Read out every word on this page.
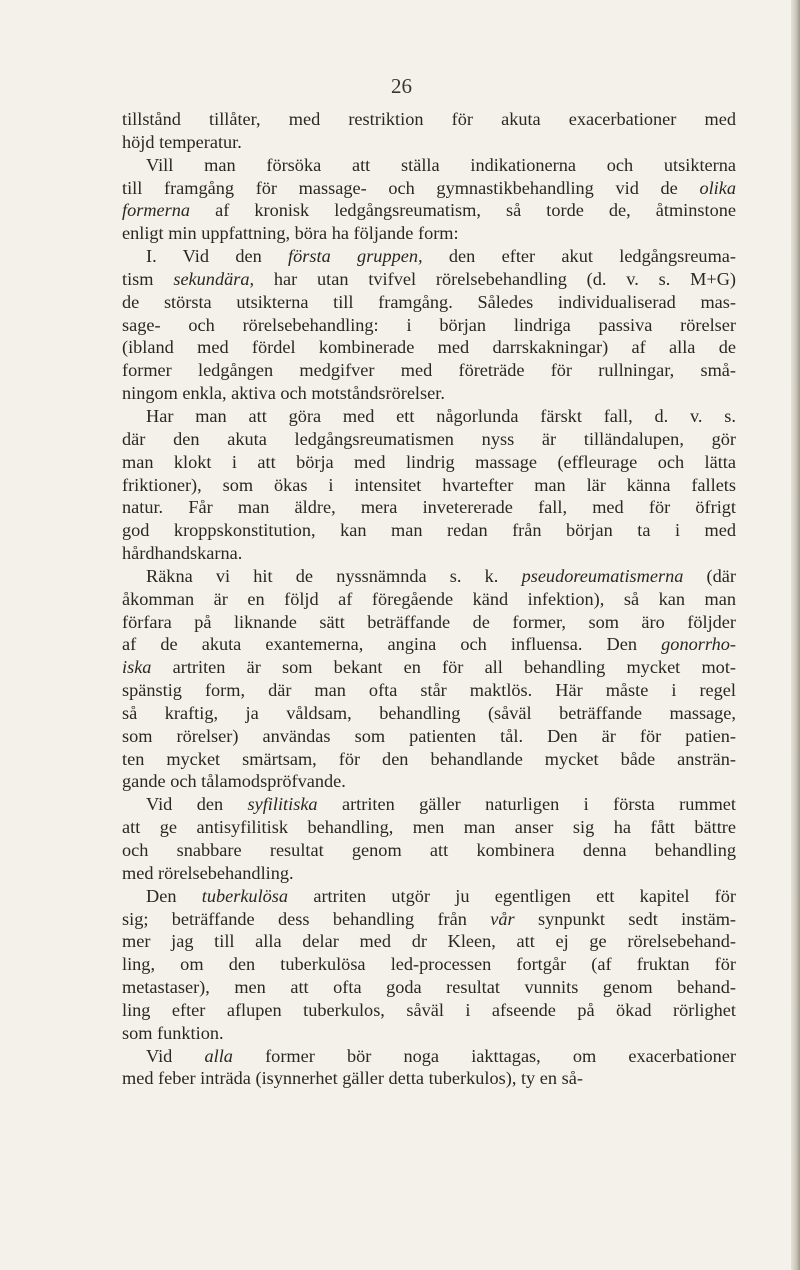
26
tillstånd tillåter, med restriktion för akuta exacerbationer med
höjd temperatur.
Vill man försöka att ställa indikationerna och utsikterna
till framgång för massage- och gymnastikbehandling vid de olika
formerna af kronisk ledgångsreumatism, så torde de, åtminstone
enligt min uppfattning, böra ha följande form:
I. Vid den första gruppen, den efter akut ledgångsreuma-
tism sekundära, har utan tvifvel rörelsebehandling (d. v. s. M+G)
de största utsikterna till framgång. Således individualiserad mas-
sage- och rörelsebehandling: i början lindriga passiva rörelser
(ibland med fördel kombinerade med darrskakningar) af alla de
former ledgången medgifver med företräde för rullningar, små-
ningom enkla, aktiva och motståndsrörelser.
Har man att göra med ett någorlunda färskt fall, d. v. s.
där den akuta ledgångsreumatismen nyss är tilländalupen, gör
man klokt i att börja med lindrig massage (effleurage och lätta
friktioner), som ökas i intensitet hvartefter man lär känna fallets
natur. Får man äldre, mera invetererade fall, med för öfrigt
god kroppskonstitution, kan man redan från början ta i med
hårdhandskarna.
Räkna vi hit de nyssnämnda s. k. pseudoreumatismerna (där
åkomman är en följd af föregående känd infektion), så kan man
förfara på liknande sätt beträffande de former, som äro följder
af de akuta exantemerna, angina och influensa. Den gonorrho-
iska artriten är som bekant en för all behandling mycket mot-
spänstig form, där man ofta står maktlös. Här måste i regel
så kraftig, ja våldsam, behandling (såväl beträffande massage,
som rörelser) användas som patienten tål. Den är för patien-
ten mycket smärtsam, för den behandlande mycket både ansträn-
gande och tålamodspröfvande.
Vid den syfilitiska artriten gäller naturligen i första rummet
att ge antisyfilitisk behandling, men man anser sig ha fått bättre
och snabbare resultat genom att kombinera denna behandling
med rörelsebehandling.
Den tuberkulösa artriten utgör ju egentligen ett kapitel för
sig; beträffande dess behandling från vår synpunkt sedt instäm-
mer jag till alla delar med dr Kleen, att ej ge rörelsebehand-
ling, om den tuberkulösa led-processen fortgår (af fruktan för
metastaser), men att ofta goda resultat vunnits genom behand-
ling efter aflupen tuberkulos, såväl i afseende på ökad rörlighet
som funktion.
Vid alla former bör noga iakttagas, om exacerbationer
med feber inträda (isynnerhet gäller detta tuberkulos), ty en så-
